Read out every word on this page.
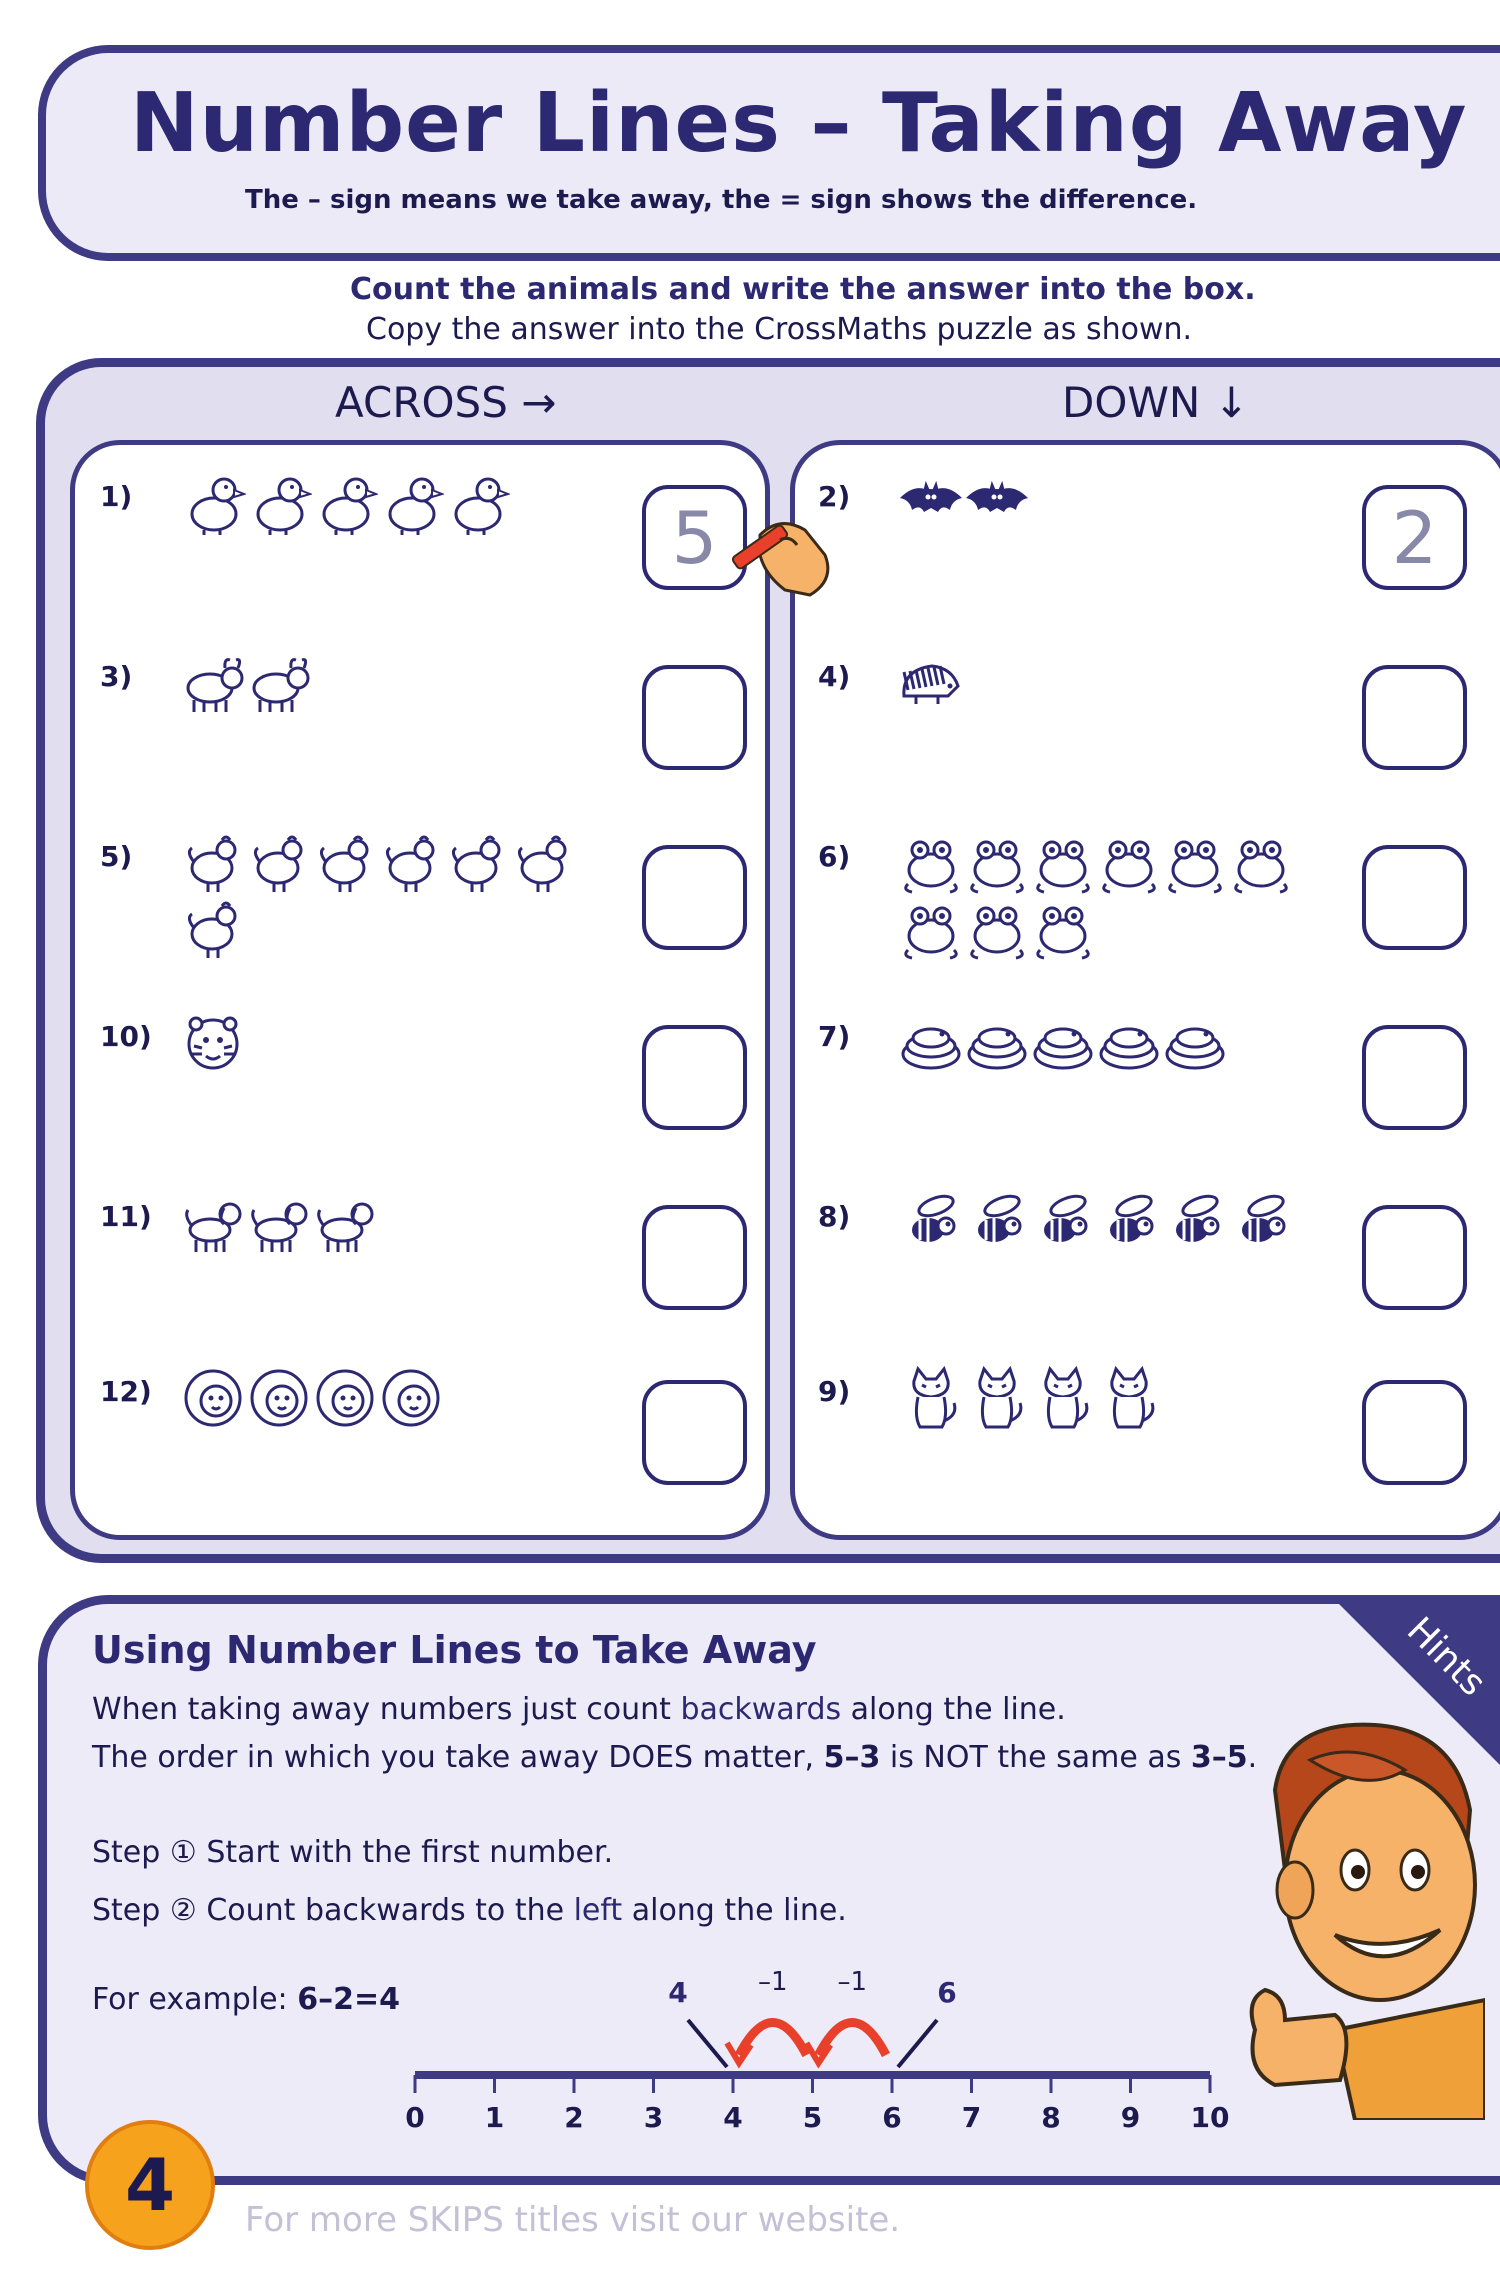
Number Lines – Taking Away
The – sign means we take away, the = sign shows the difference.
Count the animals and write the answer into the box.
Copy the answer into the CrossMaths puzzle as shown.
ACROSS →	DOWN ↓
1)	5
3)
5)
10)
11)
12)
2)	2
4)
6)
7)
8)
9)
Hints
Using Number Lines to Take Away
When taking away numbers just count backwards along the line.
The order in which you take away DOES matter, 5–3 is NOT the same as 3–5.
Step ① Start with the first number.
Step ② Count backwards to the left along the line.
For example: 6–2=4
0 1 2 3 4 5 6 7 8 9 10
–1
–1	6
4
4	For more SKIPS titles visit our website.
